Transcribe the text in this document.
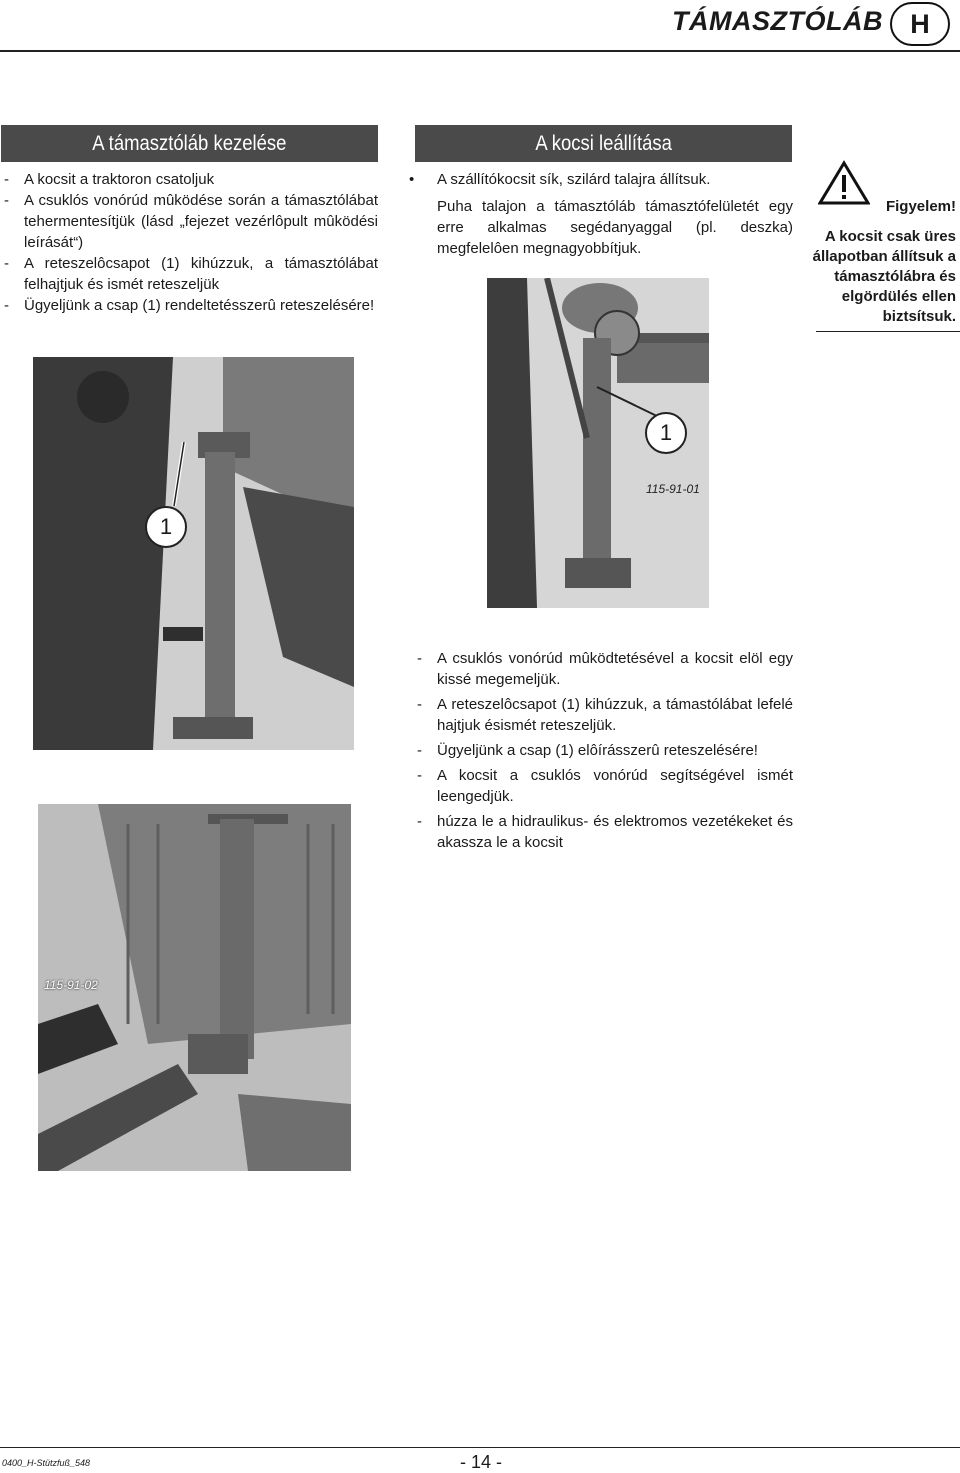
TÁMASZTÓLÁB	H
A támasztóláb kezelése
- A kocsit a traktoron csatoljuk
- A csuklós vonórúd mûködése során a támasztólábat tehermentesítjük (lásd „fejezet vezérlôpult mûködési leírását“)
- A reteszelôcsapot (1) kihúzzuk, a támasztólábat felhajtjuk és ismét reteszeljük
- Ügyeljünk a csap (1) rendeltetésszerû reteszelésére!
A kocsi leállítása
• A szállítókocsit sík, szilárd talajra állítsuk.
Puha talajon a támasztóláb támasztófelületét egy erre alkalmas segédanyaggal (pl. deszka) megfelelôen megnagyobbítjuk.
Figyelem!
A kocsit csak üres állapotban állítsuk a támasztólábra és elgördülés ellen biztsítsuk.
1
1
115-91-01
- A csuklós vonórúd mûködtetésével a kocsit elöl egy kissé megemeljük.
- A reteszelôcsapot (1) kihúzzuk, a támastólábat lefelé hajtjuk ésismét reteszeljük.
- Ügyeljünk a csap (1) elôírásszerû reteszelésére!
- A kocsit a csuklós vonórúd segítségével ismét leengedjük.
- húzza le a hidraulikus- és elektromos vezetékeket és akassza le a kocsit
115-91-02
0400_H-Stützfuß_548	- 14 -
